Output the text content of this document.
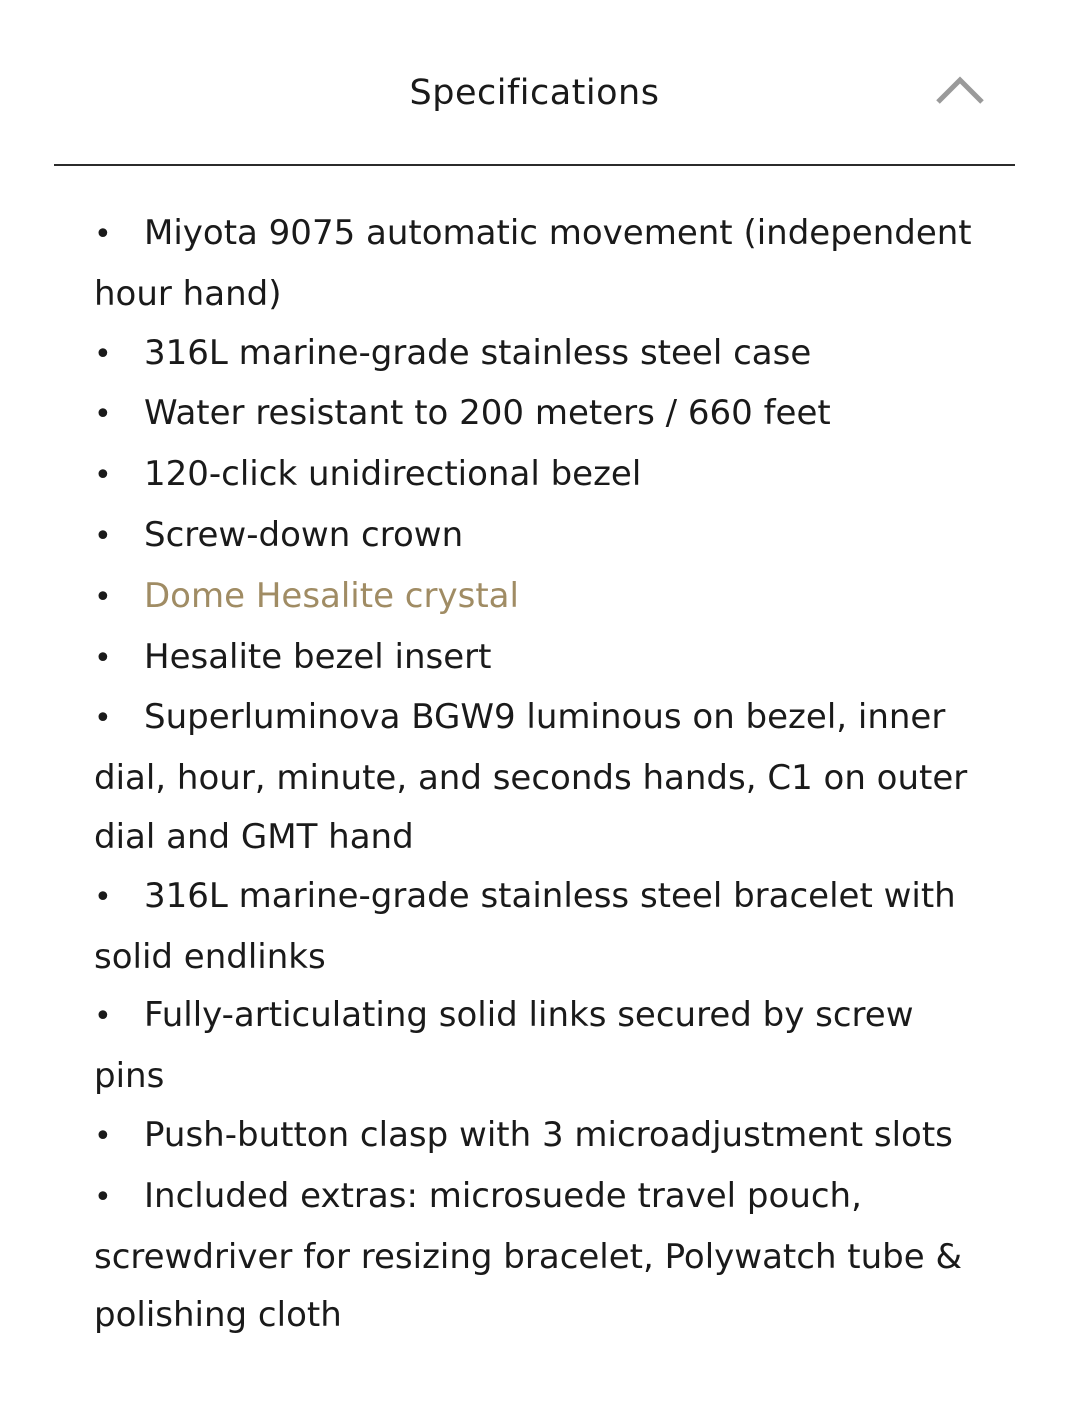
Specifications
• Miyota 9075 automatic movement (independent hour hand)
• 316L marine-grade stainless steel case
• Water resistant to 200 meters / 660 feet
• 120-click unidirectional bezel
• Screw-down crown
• Dome Hesalite crystal
• Hesalite bezel insert
• Superluminova BGW9 luminous on bezel, inner dial, hour, minute, and seconds hands, C1 on outer dial and GMT hand
• 316L marine-grade stainless steel bracelet with solid endlinks
• Fully-articulating solid links secured by screw pins
• Push-button clasp with 3 microadjustment slots
• Included extras: microsuede travel pouch, screwdriver for resizing bracelet, Polywatch tube & polishing cloth
